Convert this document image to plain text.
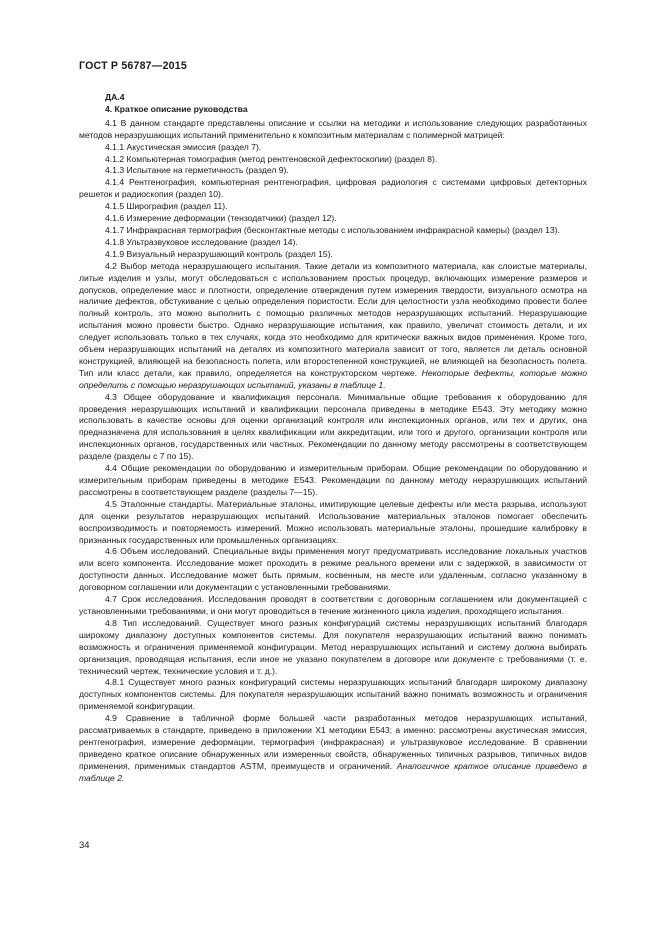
ГОСТ Р 56787—2015
ДА.4
4. Краткое описание руководства

4.1 В данном стандарте представлены описание и ссылки на методики и использование следующих разработанных методов неразрушающих испытаний применительно к композитным материалам с полимерной матрицей:

4.1.1 Акустическая эмиссия (раздел 7).

4.1.2 Компьютерная томография (метод рентгеновской дефектоскопии) (раздел 8).

4.1.3 Испытание на герметичность (раздел 9).

4.1.4 Рентгенография, компьютерная рентгенография, цифровая радиология с системами цифровых детекторных решеток и радиоскопия (раздел 10).

4.1.5 Ширография (раздел 11).

4.1.6 Измерение деформации (тензодатчики) (раздел 12).

4.1.7 Инфракрасная термография (бесконтактные методы с использованием инфракрасной камеры) (раздел 13).

4.1.8 Ультразвуковое исследование (раздел 14).

4.1.9 Визуальный неразрушающий контроль (раздел 15).

4.2 Выбор метода неразрушающего испытания. Такие детали из композитного материала, как слоистые материалы, литые изделия и узлы, могут обследоваться с использованием простых процедур, включающих измерение размеров и допусков, определение масс и плотности, определение отверждения путем измерения твердости, визуального осмотра на наличие дефектов, обстукивание с целью определения пористости. Если для целостности узла необходимо провести более полный контроль, это можно выполнить с помощью различных методов неразрушающих испытаний. Неразрушающие испытания можно провести быстро. Однако неразрушающие испытания, как правило, увеличат стоимость детали, и их следует использовать только в тех случаях, когда это необходимо для критически важных видов применения. Кроме того, объем неразрушающих испытаний на деталях из композитного материала зависит от того, является ли деталь основной конструкцией, влияющей на безопасность полета, или второстепенной конструкцией, не влияющей на безопасность полета. Тип или класс детали, как правило, определяется на конструкторском чертеже. Некоторые дефекты, которые можно определить с помощью неразрушающих испытаний, указаны в таблице 1.

4.3 Общее оборудование и квалификация персонала. Минимальные общие требования к оборудованию для проведения неразрушающих испытаний и квалификации персонала приведены в методике E543. Эту методику можно использовать в качестве основы для оценки организаций контроля или инспекционных органов, или тех и других, она предназначена для использования в целях квалификации или аккредитации, или того и другого, организации контроля или инспекционных органов, государственных или частных. Рекомендации по данному методу рассмотрены в соответствующем разделе (разделы с 7 по 15).

4.4 Общие рекомендации по оборудованию и измерительным приборам. Общие рекомендации по оборудованию и измерительным приборам приведены в методике E543. Рекомендации по данному методу неразрушающих испытаний рассмотрены в соответствующем разделе (разделы 7—15).

4.5 Эталонные стандарты. Материальные эталоны, имитирующие целевые дефекты или места разрыва, используют для оценки результатов неразрушающих испытаний. Использование материальных эталонов помогает обеспечить воспроизводимость и повторяемость измерений. Можно использовать материальные эталоны, прошедшие калибровку в признанных государственных или промышленных организациях.

4.6 Объем исследований. Специальные виды применения могут предусматривать исследование локальных участков или всего компонента. Исследование может проходить в режиме реального времени или с задержкой, в зависимости от доступности данных. Исследование может быть прямым, косвенным, на месте или удаленным, согласно указанному в договорном соглашении или документации с установленными требованиями.

4.7 Срок исследования. Исследования проводят в соответствии с договорным соглашением или документацией с установленными требованиями, и они могут проводиться в течение жизненного цикла изделия, проходящего испытания.

4.8 Тип исследований. Существует много разных конфигураций системы неразрушающих испытаний благодаря широкому диапазону доступных компонентов системы. Для покупателя неразрушающих испытаний важно понимать возможность и ограничения применяемой конфигурации. Метод неразрушающих испытаний и систему должна выбирать организация, проводящая испытания, если иное не указано покупателем в договоре или документе с требованиями (т. е. технический чертеж, технические условия и т. д.).

4.8.1 Существует много разных конфигураций системы неразрушающих испытаний благодаря широкому диапазону доступных компонентов системы. Для покупателя неразрушающих испытаний важно понимать возможность и ограничения применяемой конфигурации.

4.9 Сравнение в табличной форме большей части разработанных методов неразрушающих испытаний, рассматриваемых в стандарте, приведено в приложении X1 методики E543; а именно: рассмотрены акустическая эмиссия, рентгенография, измерение деформации, термография (инфракрасная) и ультразвуковое исследование. В сравнении приведено краткое описание обнаруженных или измеренных свойств, обнаруженных типичных разрывов, типичных видов применения, применимых стандартов ASTM, преимуществ и ограничений. Аналогичное краткое описание приведено в таблице 2.

34
